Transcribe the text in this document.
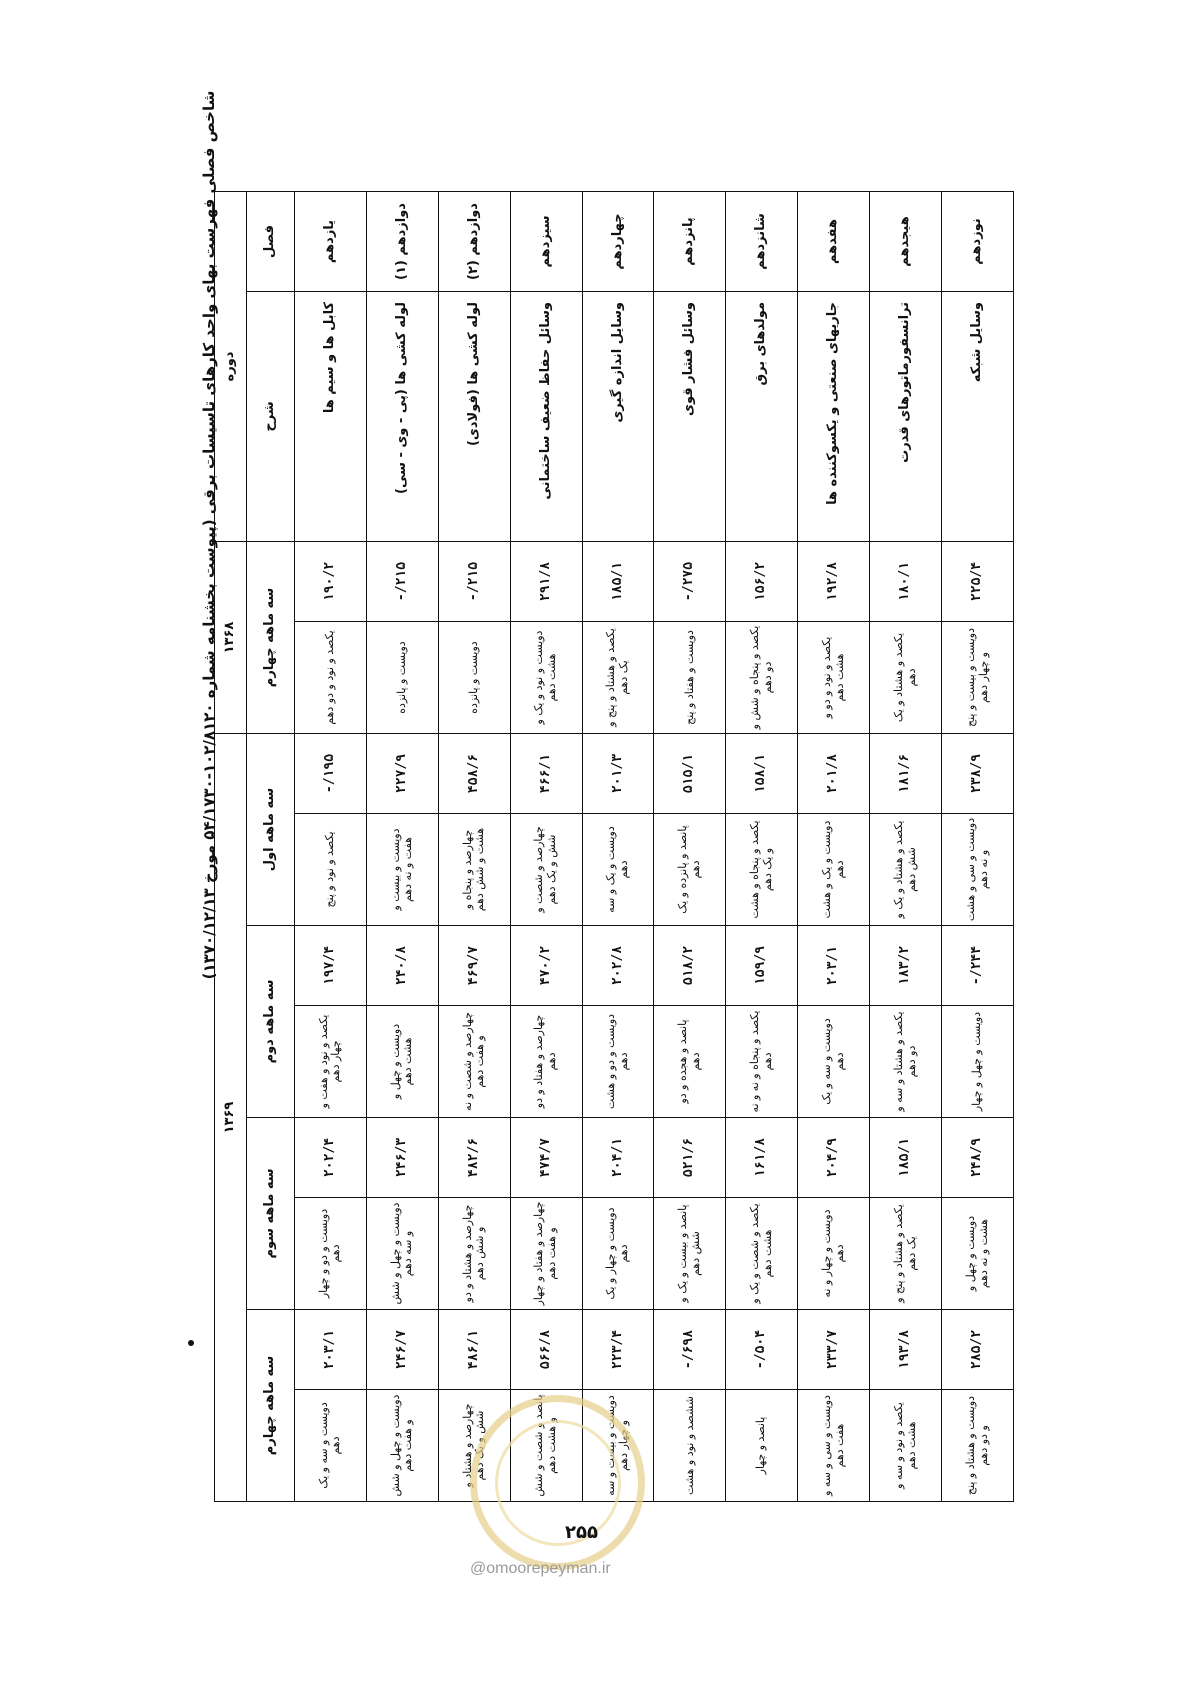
شاخص فصلی فهرست بهای واحد کارهای تاسیسات برقی (پیوست بخشنامه شماره ۱۰۲/۸۱۲۰-۵۴/۱۷۳۰ مورخ ۱۳۷۰/۱۲/۱۳) دوره		۱۳۶۸		۱۳۶۹							
فصل	شرح	سه ماهه چهارم		سه ماهه اول		سه ماهه دوم		سه ماهه سوم		سه ماهه چهارم	
یازدهم	کابل ها و سیم ها	۱۹۰/۲	یکصد و نود و دو دهم	۱۹۵/-	یکصد و نود و پنج	۱۹۷/۴	یکصد و نود و هفت و چهار دهم	۲۰۲/۴	دویست و دو و چهار دهم	۲۰۳/۱	دویست و سه و یک دهم
دوازدهم (۱)	لوله کشی ها (پی - وی - سی)	۲۱۵/-	دویست و پانزده	۲۲۷/۹	دویست و بیست و هفت و نه دهم	۲۴۰/۸	دویست و چهل و هشت دهم	۲۴۶/۳	دویست و چهل و شش و سه دهم	۲۴۶/۷	دویست و چهل و شش و هفت دهم
دوازدهم (۲)	لوله کشی ها (فولادی)	۲۱۵/-	دویست و پانزده	۴۵۸/۶	چهارصد و پنجاه و هشت و شش دهم	۴۶۹/۷	چهارصد و شصت و نه و هفت دهم	۴۸۲/۶	چهارصد و هشتاد و دو و شش دهم	۴۸۶/۱	چهارصد و هشتاد و شش و یک دهم
سیزدهم	وسائل حفاظ ضعیف ساختمانی	۲۹۱/۸	دویست و نود و یک و هشت دهم	۴۶۶/۱	چهارصد و شصت و شش و یک دهم	۴۷۰/۲	چهارصد و هفتاد و دو دهم	۴۷۴/۷	چهارصد و هفتاد و چهار و هفت دهم	۵۶۶/۸	پانصد و شصت و شش و هشت دهم
چهاردهم	وسایل اندازه گیری	۱۸۵/۱	یکصد و هشتاد و پنج و یک دهم	۲۰۱/۳	دویست و یک و سه دهم	۲۰۲/۸	دویست و دو و هشت دهم	۲۰۴/۱	دویست و چهار و یک دهم	۲۲۳/۴	دویست و بیست و سه و چهار دهم
پانزدهم	وسائل فشار قوی	۲۷۵/-	دویست و هفتاد و پنج	۵۱۵/۱	پانصد و پانزده و یک دهم	۵۱۸/۲	پانصد و هجده و دو دهم	۵۲۱/۶	پانصد و بیست و یک و شش دهم	۶۹۸/-	ششصد و نود و هشت
شانزدهم	مولدهای برق	۱۵۶/۲	یکصد و پنجاه و شش و دو دهم	۱۵۸/۱	یکصد و پنجاه و هشت و یک دهم	۱۵۹/۹	یکصد و پنجاه و نه و نه دهم	۱۶۱/۸	یکصد و شصت و یک و هشت دهم	۵۰۴/-	پانصد و چهار
هفدهم	جاریهای صنعتی و یکسوکننده ها	۱۹۲/۸	یکصد و نود و دو و هشت دهم	۲۰۱/۸	دویست و یک و هشت دهم	۲۰۳/۱	دویست و سه و یک دهم	۲۰۴/۹	دویست و چهار و نه دهم	۲۳۳/۷	دویست و سی و سه و هفت دهم
هیجدهم	ترانسفورماتورهای قدرت	۱۸۰/۱	یکصد و هشتاد و یک دهم	۱۸۱/۶	یکصد و هشتاد و یک و شش دهم	۱۸۳/۲	یکصد و هشتاد و سه و دو دهم	۱۸۵/۱	یکصد و هشتاد و پنج و یک دهم	۱۹۳/۸	یکصد و نود و سه و هشت دهم
نوزدهم	وسایل شبکه	۲۲۵/۴	دویست و بیست و پنج و چهار دهم	۲۳۸/۹	دویست و سی و هشت و نه دهم	۲۴۴/-	دویست و چهل و چهار	۲۴۸/۹	دویست و چهل و هشت و نه دهم	۲۸۵/۲	دویست و هشتاد و پنج و دو دهم
۲۵۵
@omoorepeyman.ir
